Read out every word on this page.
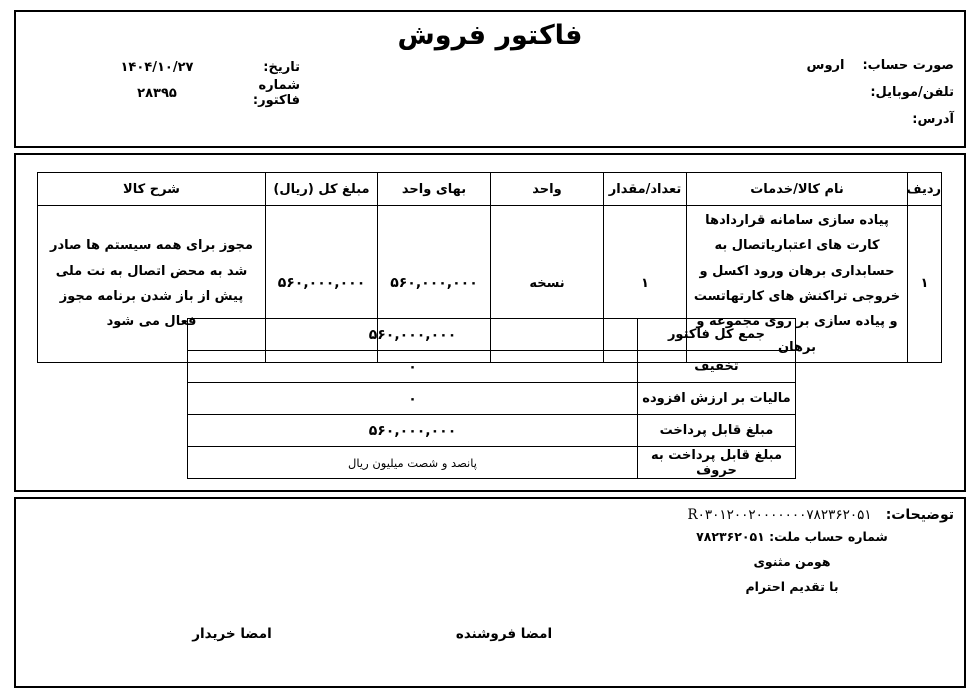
فاکتور فروش
صورت حساب:
اروس
تلفن/موبایل:
آدرس:
تاریخ:
۱۴۰۴/۱۰/۲۷
شماره فاکتور:
۲۸۳۹۵
ردیف	نام کالا/خدمات	تعداد/مقدار	واحد	بهای واحد	مبلغ کل (ریال)	شرح کالا
۱	پیاده سازی سامانه قراردادها کارت های اعتباریاتصال به حسابداری برهان ورود اکسل و خروجی تراکنش های کارتهاتست و پیاده سازی بر روی مجموعه و برهان	۱	نسخه	۵۶۰,۰۰۰,۰۰۰	۵۶۰,۰۰۰,۰۰۰	مجوز برای همه سیستم ها صادر شد به محض اتصال به نت ملی پیش از باز شدن برنامه مجوز فعال می شود
جمع کل فاکتور	۵۶۰,۰۰۰,۰۰۰
تخفیف	۰
مالیات بر ارزش افزوده	۰
مبلغ قابل پرداخت	۵۶۰,۰۰۰,۰۰۰
مبلغ قابل پرداخت به حروف	پانصد و شصت میلیون ریال
توضیحات:
R۰۳۰۱۲۰۰۲۰۰۰۰۰۰۰۷۸۲۳۶۲۰۵۱
شماره حساب ملت: ۷۸۲۳۶۲۰۵۱
هومن مثنوی
با تقدیم احترام
امضا فروشنده
امضا خریدار
